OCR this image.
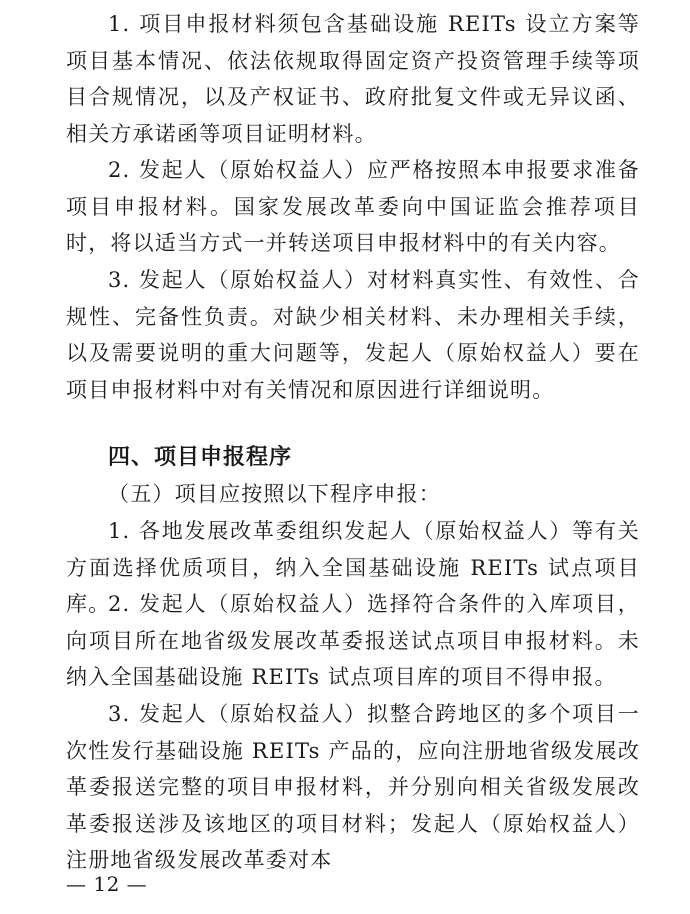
1. 项目申报材料须包含基础设施 REITs 设立方案等项目基本情况、依法依规取得固定资产投资管理手续等项目合规情况，以及产权证书、政府批复文件或无异议函、相关方承诺函等项目证明材料。

2. 发起人（原始权益人）应严格按照本申报要求准备项目申报材料。国家发展改革委向中国证监会推荐项目时，将以适当方式一并转送项目申报材料中的有关内容。

3. 发起人（原始权益人）对材料真实性、有效性、合规性、完备性负责。对缺少相关材料、未办理相关手续，以及需要说明的重大问题等，发起人（原始权益人）要在项目申报材料中对有关情况和原因进行详细说明。

四、项目申报程序

（五）项目应按照以下程序申报：

1. 各地发展改革委组织发起人（原始权益人）等有关方面选择优质项目，纳入全国基础设施 REITs 试点项目库。

2. 发起人（原始权益人）选择符合条件的入库项目，向项目所在地省级发展改革委报送试点项目申报材料。未纳入全国基础设施 REITs 试点项目库的项目不得申报。

3. 发起人（原始权益人）拟整合跨地区的多个项目一次性发行基础设施 REITs 产品的，应向注册地省级发展改革委报送完整的项目申报材料，并分别向相关省级发展改革委报送涉及该地区的项目材料；发起人（原始权益人）注册地省级发展改革委对本

— 12 —
